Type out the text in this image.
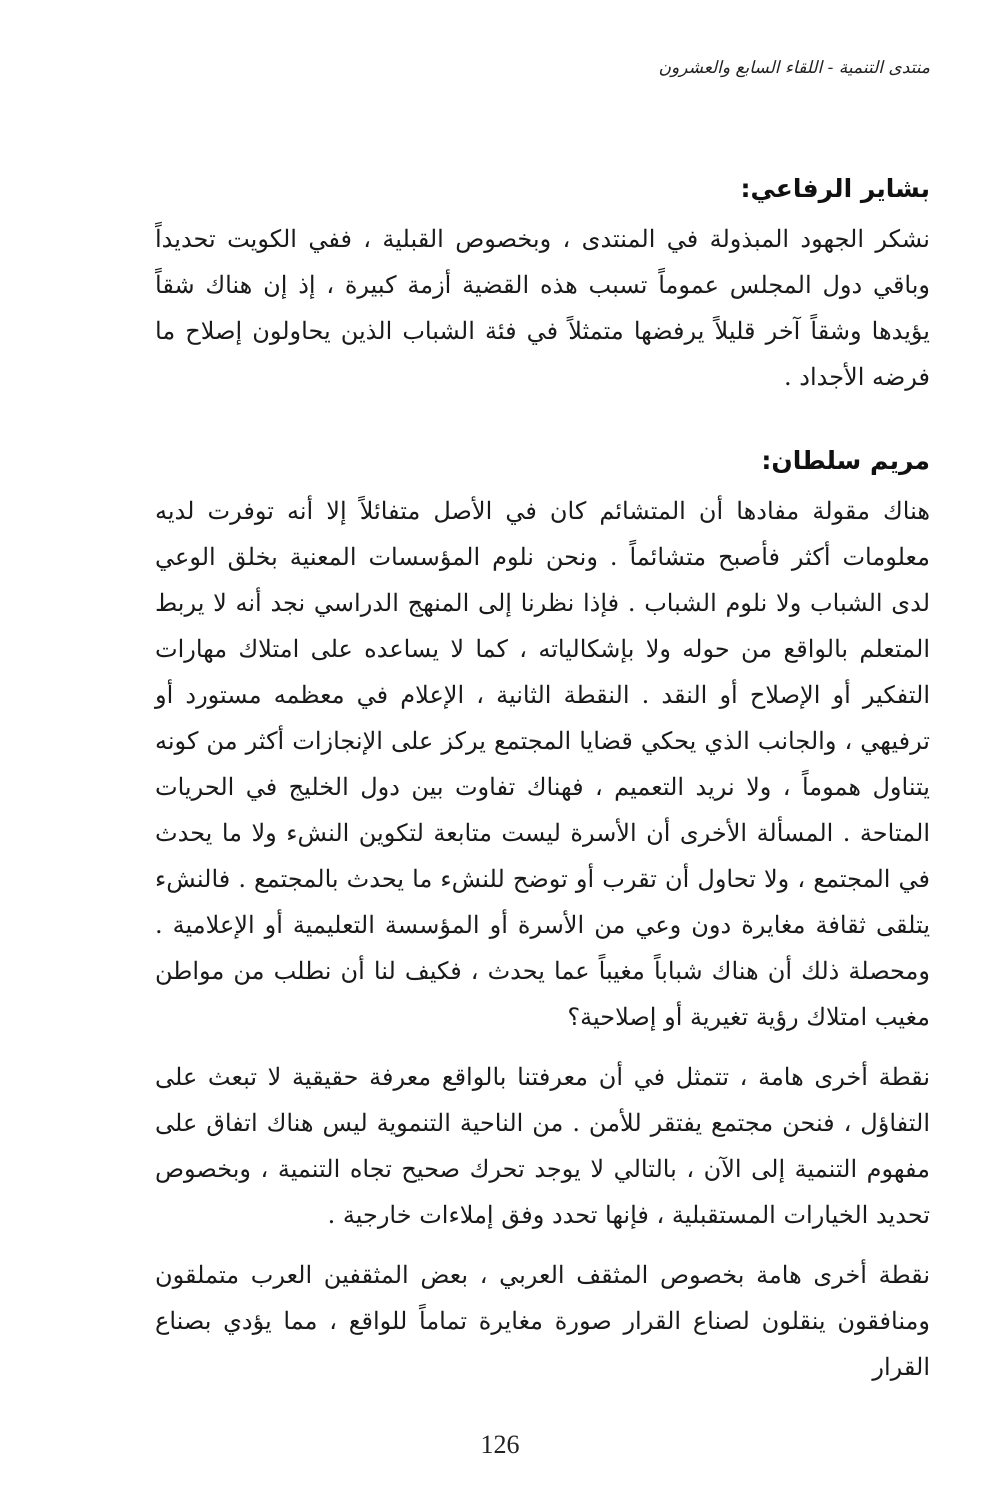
منتدى التنمية - اللقاء السابع والعشرون
بشاير الرفاعي:

نشكر الجهود المبذولة في المنتدى ، وبخصوص القبلية ، ففي الكويت تحديداً وباقي دول المجلس عموماً تسبب هذه القضية أزمة كبيرة ، إذ إن هناك شقاً يؤيدها وشقاً آخر قليلاً يرفضها متمثلاً في فئة الشباب الذين يحاولون إصلاح ما فرضه الأجداد .

مريم سلطان:

هناك مقولة مفادها أن المتشائم كان في الأصل متفائلاً إلا أنه توفرت لديه معلومات أكثر فأصبح متشائماً . ونحن نلوم المؤسسات المعنية بخلق الوعي لدى الشباب ولا نلوم الشباب . فإذا نظرنا إلى المنهج الدراسي نجد أنه لا يربط المتعلم بالواقع من حوله ولا بإشكالياته ، كما لا يساعده على امتلاك مهارات التفكير أو الإصلاح أو النقد . النقطة الثانية ، الإعلام في معظمه مستورد أو ترفيهي ، والجانب الذي يحكي قضايا المجتمع يركز على الإنجازات أكثر من كونه يتناول هموماً ، ولا نريد التعميم ، فهناك تفاوت بين دول الخليج في الحريات المتاحة . المسألة الأخرى أن الأسرة ليست متابعة لتكوين النشء ولا ما يحدث في المجتمع ، ولا تحاول أن تقرب أو توضح للنشء ما يحدث بالمجتمع . فالنشء يتلقى ثقافة مغايرة دون وعي من الأسرة أو المؤسسة التعليمية أو الإعلامية . ومحصلة ذلك أن هناك شباباً مغيباً عما يحدث ، فكيف لنا أن نطلب من مواطن مغيب امتلاك رؤية تغيرية أو إصلاحية؟

نقطة أخرى هامة ، تتمثل في أن معرفتنا بالواقع معرفة حقيقية لا تبعث على التفاؤل ، فنحن مجتمع يفتقر للأمن . من الناحية التنموية ليس هناك اتفاق على مفهوم التنمية إلى الآن ، بالتالي لا يوجد تحرك صحيح تجاه التنمية ، وبخصوص تحديد الخيارات المستقبلية ، فإنها تحدد وفق إملاءات خارجية .

نقطة أخرى هامة بخصوص المثقف العربي ، بعض المثقفين العرب متملقون ومنافقون ينقلون لصناع القرار صورة مغايرة تماماً للواقع ، مما يؤدي بصناع القرار

126
